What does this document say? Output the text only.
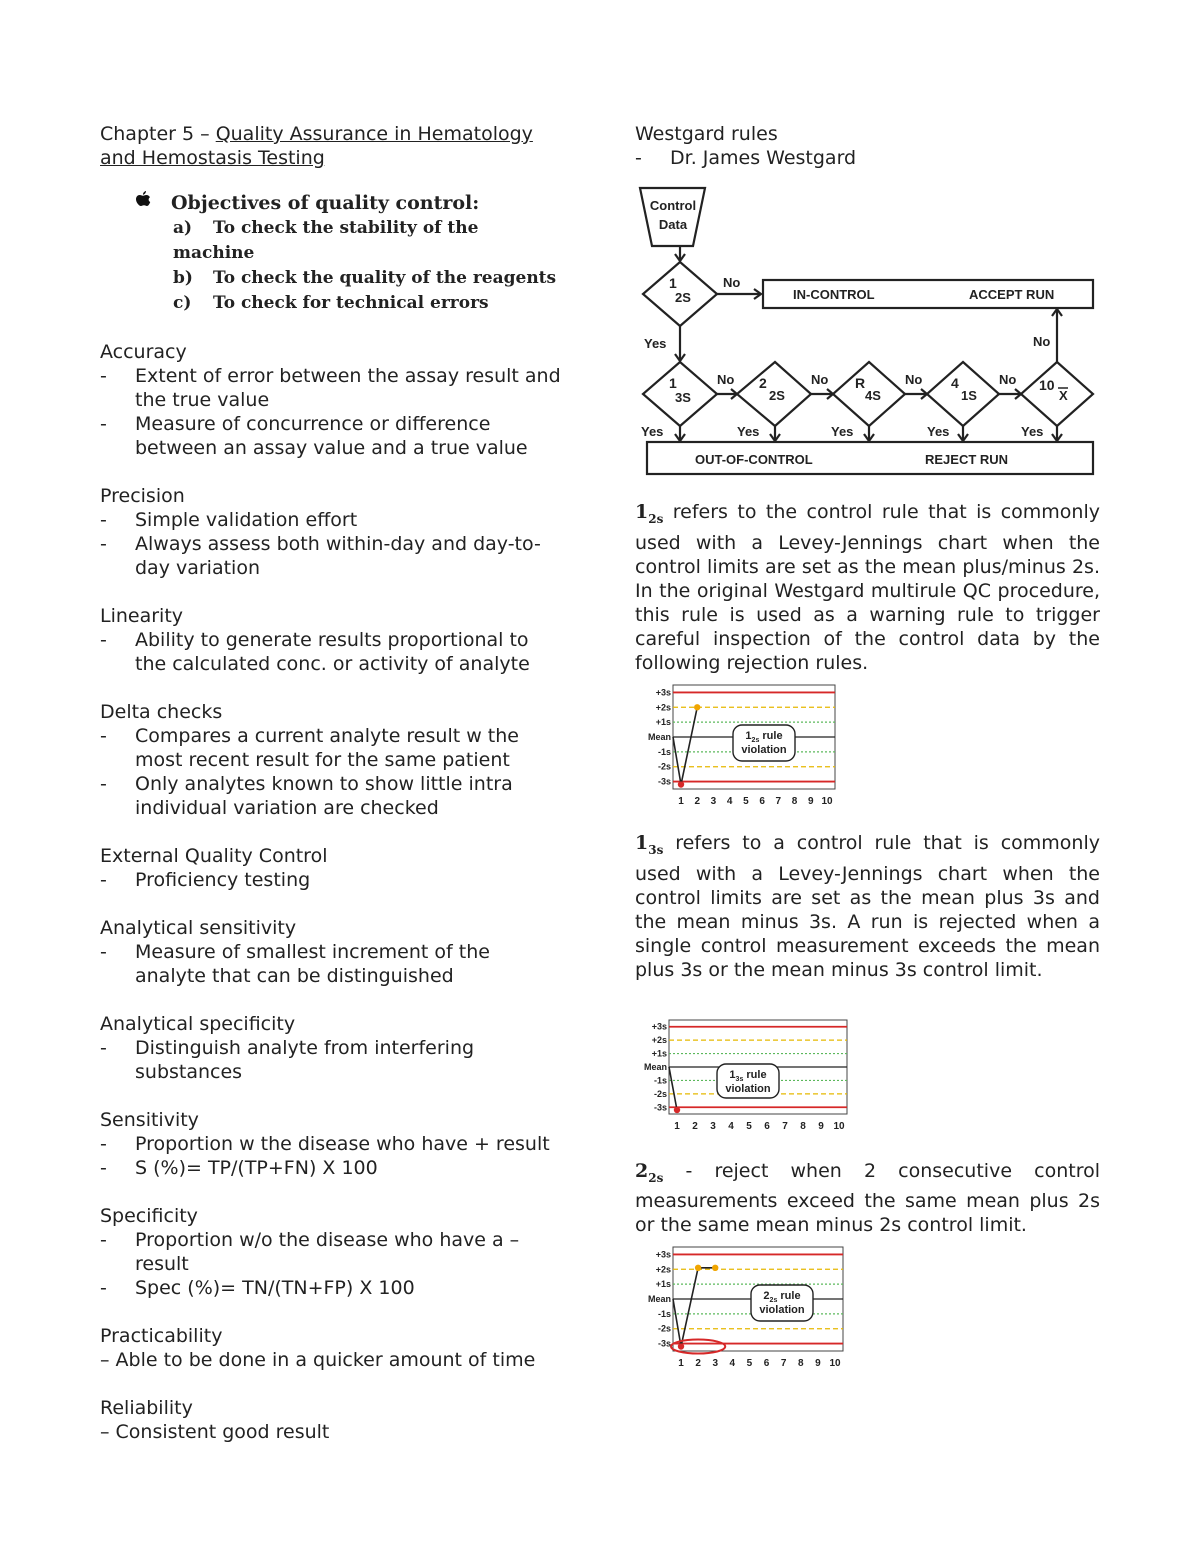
Chapter 5 – Quality Assurance in Hematology and Hemostasis Testing
Objectives of quality control:
a) To check the stability of the machine
b) To check the quality of the reagents
c) To check for technical errors
Accuracy
-	Extent of error between the assay result and the true value
-	Measure of concurrence or difference between an assay value and a true value
Precision
-	Simple validation effort
-	Always assess both within-day and day-to-day variation
Linearity
-	Ability to generate results proportional to the calculated conc. or activity of analyte
Delta checks
-	Compares a current analyte result w the most recent result for the same patient
-	Only analytes known to show little intra individual variation are checked
External Quality Control
-	Proficiency testing
Analytical sensitivity
-	Measure of smallest increment of the analyte that can be distinguished
Analytical specificity
-	Distinguish analyte from interfering substances
Sensitivity
-	Proportion w the disease who have + result
-	S (%)= TP/(TP+FN) X 100
Specificity
-	Proportion w/o the disease who have a – result
-	Spec (%)= TN/(TN+FP) X 100
Practicability
– Able to be done in a quicker amount of time
Reliability
– Consistent good result
Westgard rules
-	Dr. James Westgard
Control
Data
1
2S
1
3S
2
2S
R
4S
4
1S
10
X
No
No	No	No	No
No
Yes
Yes	Yes	Yes	Yes	Yes
IN-CONTROL	ACCEPT RUN
OUT-OF-CONTROL	REJECT RUN
$1_{2s}$ refers to the control rule that is commonly used with a Levey-Jennings chart when the control limits are set as the mean plus/minus 2s. In the original Westgard multirule QC procedure, this rule is used as a warning rule to trigger careful inspection of the control data by the following rejection rules.
+3s
+2s
+1s
Mean
-1s
-2s
-3s
1 2 3 4 5 6 7 8 9 10
$1_{2s}$ rule
violation
$1_{3s}$ refers to a control rule that is commonly used with a Levey-Jennings chart when the control limits are set as the mean plus 3s and the mean minus 3s. A run is rejected when a single control measurement exceeds the mean plus 3s or the mean minus 3s control limit.
+3s
+2s
+1s
Mean
-1s
-2s
-3s
1 2 3 4 5 6 7 8 9 10
$1_{3s}$ rule
violation
$2_{2s}$ - reject when 2 consecutive control measurements exceed the same mean plus 2s or the same mean minus 2s control limit.
+3s
+2s
+1s
Mean
-1s
-2s
-3s
1 2 3 4 5 6 7 8 9 10
$2_{2s}$ rule
violation
